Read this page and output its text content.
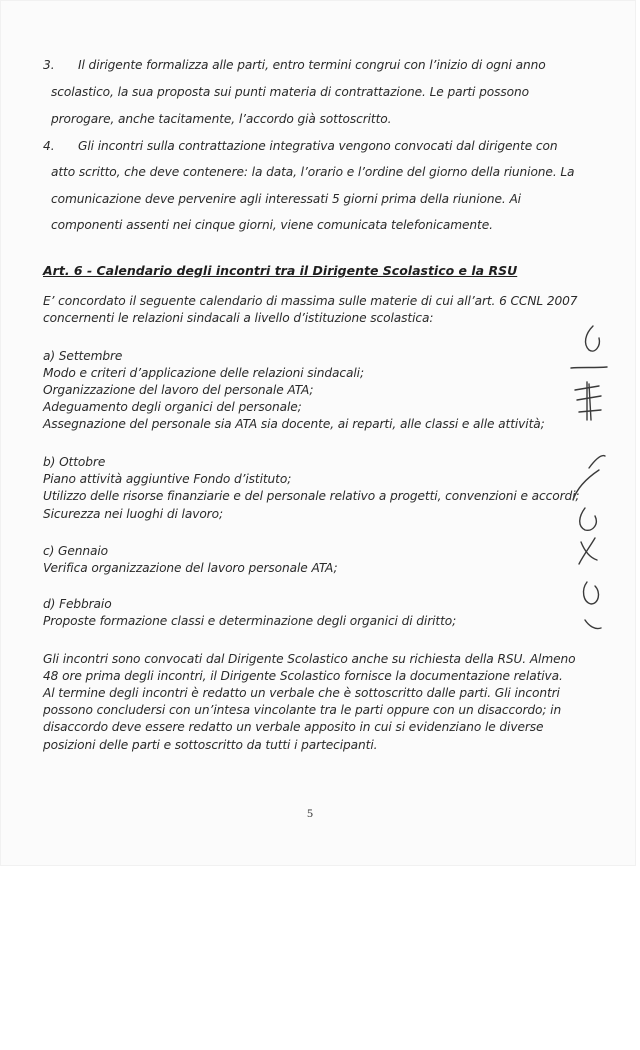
3. Il dirigente formalizza alle parti, entro termini congrui con l’inizio di ogni anno
scolastico, la sua proposta sui punti materia di contrattazione. Le parti possono
prorogare, anche tacitamente, l’accordo già sottoscritto.
4. Gli incontri sulla contrattazione integrativa vengono convocati dal dirigente con
atto scritto, che deve contenere: la data, l’orario e l’ordine del giorno della riunione. La
comunicazione deve pervenire agli interessati 5 giorni prima della riunione. Ai
componenti assenti nei cinque giorni, viene comunicata telefonicamente.
Art. 6 - Calendario degli incontri tra il Dirigente Scolastico e la RSU
E’ concordato il seguente calendario di massima sulle materie di cui all’art. 6 CCNL 2007
concernenti le relazioni sindacali a livello d’istituzione scolastica:
a) Settembre
Modo e criteri d’applicazione delle relazioni sindacali;
Organizzazione del lavoro del personale ATA;
Adeguamento degli organici del personale;
Assegnazione del personale sia ATA sia docente, ai reparti, alle classi e alle attività;
b) Ottobre
Piano attività aggiuntive Fondo d’istituto;
Utilizzo delle risorse finanziarie e del personale relativo a progetti, convenzioni e accordi;
Sicurezza nei luoghi di lavoro;
c) Gennaio
Verifica organizzazione del lavoro personale ATA;
d) Febbraio
Proposte formazione classi e determinazione degli organici di diritto;
Gli incontri sono convocati dal Dirigente Scolastico anche su richiesta della RSU. Almeno
48 ore prima degli incontri, il Dirigente Scolastico fornisce la documentazione relativa.
Al termine degli incontri è redatto un verbale che è sottoscritto dalle parti. Gli incontri
possono concludersi con un’intesa vincolante tra le parti oppure con un disaccordo; in
disaccordo deve essere redatto un verbale apposito in cui si evidenziano le diverse
posizioni delle parti e sottoscritto da tutti i partecipanti.
5
